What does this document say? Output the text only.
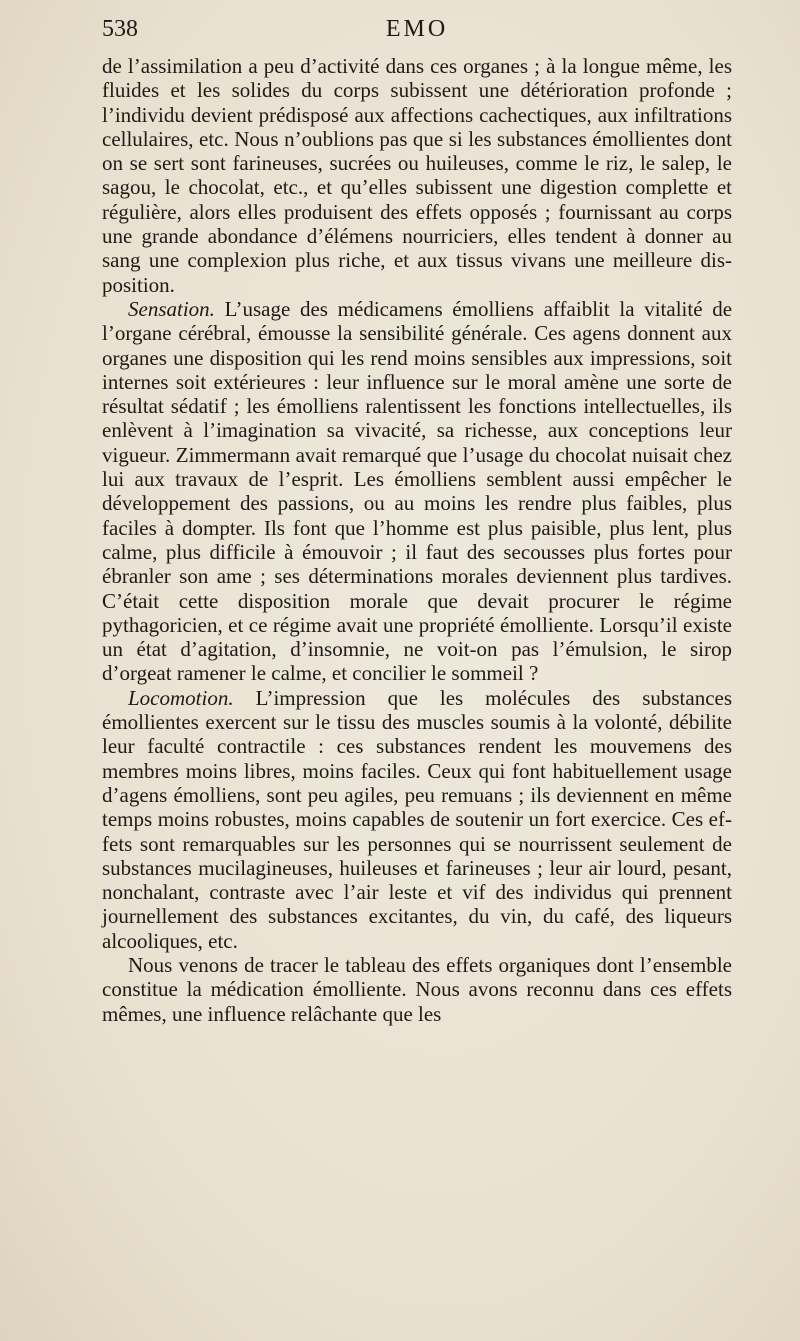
538	EMO

de l’assimilation a peu d’activité dans ces organes ; à la longue même, les fluides et les solides du corps subissent une détérioration profonde ; l’individu devient prédisposé aux affections cachectiques, aux infiltrations cellulaires, etc. Nous n’oublions pas que si les substances émollientes dont on se sert sont farineuses, sucrées ou huileuses, comme le riz, le salep, le sagou, le chocolat, etc., et qu’elles subissent une digestion complette et régulière, alors elles produisent des effets opposés ; fournissant au corps une grande abondance d’élémens nourriciers, elles tendent à donner au sang une complexion plus riche, et aux tissus vivans une meilleure disposition.

Sensation. L’usage des médicamens émolliens affaiblit la vitalité de l’organe cérébral, émousse la sensibilité générale. Ces agens donnent aux organes une disposition qui les rend moins sensibles aux impressions, soit internes soit extérieures : leur influence sur le moral amène une sorte de résultat sédatif ; les émolliens ralentissent les fonctions intellectuelles, ils enlèvent à l’imagination sa vivacité, sa richesse, aux conceptions leur vigueur. Zimmermann avait remarqué que l’usage du chocolat nuisait chez lui aux travaux de l’esprit. Les émolliens semblent aussi empêcher le développement des passions, ou au moins les rendre plus faibles, plus faciles à dompter. Ils font que l’homme est plus paisible, plus lent, plus calme, plus difficile à émouvoir ; il faut des secousses plus fortes pour ébranler son ame ; ses déterminations morales deviennent plus tardives. C’était cette disposition morale que devait procurer le régime pythagoricien, et ce régime avait une propriété émolliente. Lorsqu’il existe un état d’agitation, d’insomnie, ne voit-on pas l’émulsion, le sirop d’orgeat ramener le calme, et concilier le sommeil ?

Locomotion. L’impression que les molécules des substances émollientes exercent sur le tissu des muscles soumis à la volonté, débilite leur faculté contractile : ces substances rendent les mouvemens des membres moins libres, moins faciles. Ceux qui font habituellement usage d’agens émolliens, sont peu agiles, peu remuans ; ils deviennent en même temps moins robustes, moins capables de soutenir un fort exercice. Ces effets sont remarquables sur les personnes qui se nourrissent seulement de substances mucilagineuses, huileuses et farineuses ; leur air lourd, pesant, nonchalant, contraste avec l’air leste et vif des individus qui prennent journellement des substances excitantes, du vin, du café, des liqueurs alcooliques, etc.

Nous venons de tracer le tableau des effets organiques dont l’ensemble constitue la médication émolliente. Nous avons reconnu dans ces effets mêmes, une influence relâchante que les
